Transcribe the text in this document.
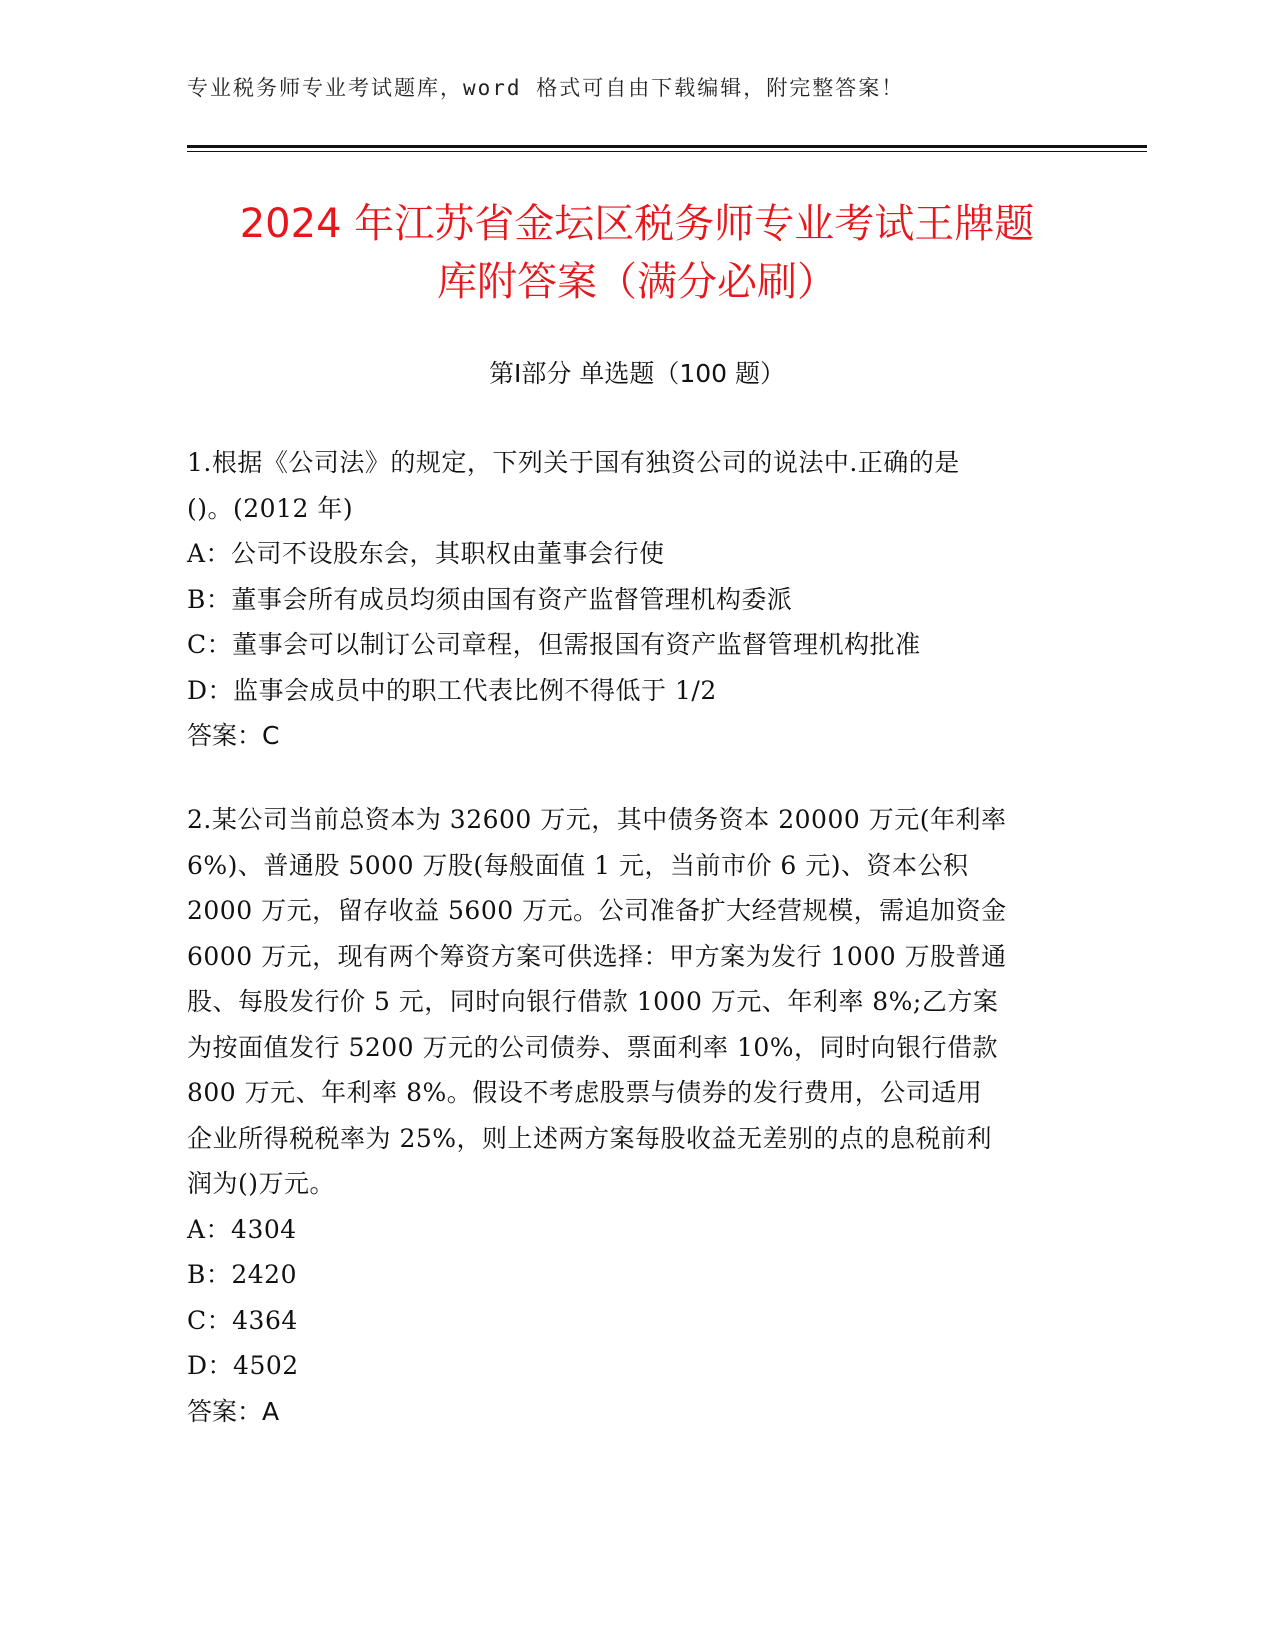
专业税务师专业考试题库，word 格式可自由下载编辑，附完整答案！
2024 年江苏省金坛区税务师专业考试王牌题
库附答案（满分必刷）
第Ⅰ部分 单选题（100 题）
1.根据《公司法》的规定，下列关于国有独资公司的说法中.正确的是
()。(2012 年)
A：公司不设股东会，其职权由董事会行使
B：董事会所有成员均须由国有资产监督管理机构委派
C：董事会可以制订公司章程，但需报国有资产监督管理机构批准
D：监事会成员中的职工代表比例不得低于 1/2
答案：C
2.某公司当前总资本为 32600 万元，其中债务资本 20000 万元(年利率
6%)、普通股 5000 万股(每般面值 1 元，当前市价 6 元)、资本公积
2000 万元，留存收益 5600 万元。公司准备扩大经营规模，需追加资金
6000 万元，现有两个筹资方案可供选择：甲方案为发行 1000 万股普通
股、每股发行价 5 元，同时向银行借款 1000 万元、年利率 8%;乙方案
为按面值发行 5200 万元的公司债券、票面利率 10%，同时向银行借款
800 万元、年利率 8%。假设不考虑股票与债券的发行费用，公司适用
企业所得税税率为 25%，则上述两方案每股收益无差别的点的息税前利
润为()万元。
A：4304
B：2420
C：4364
D：4502
答案：A
